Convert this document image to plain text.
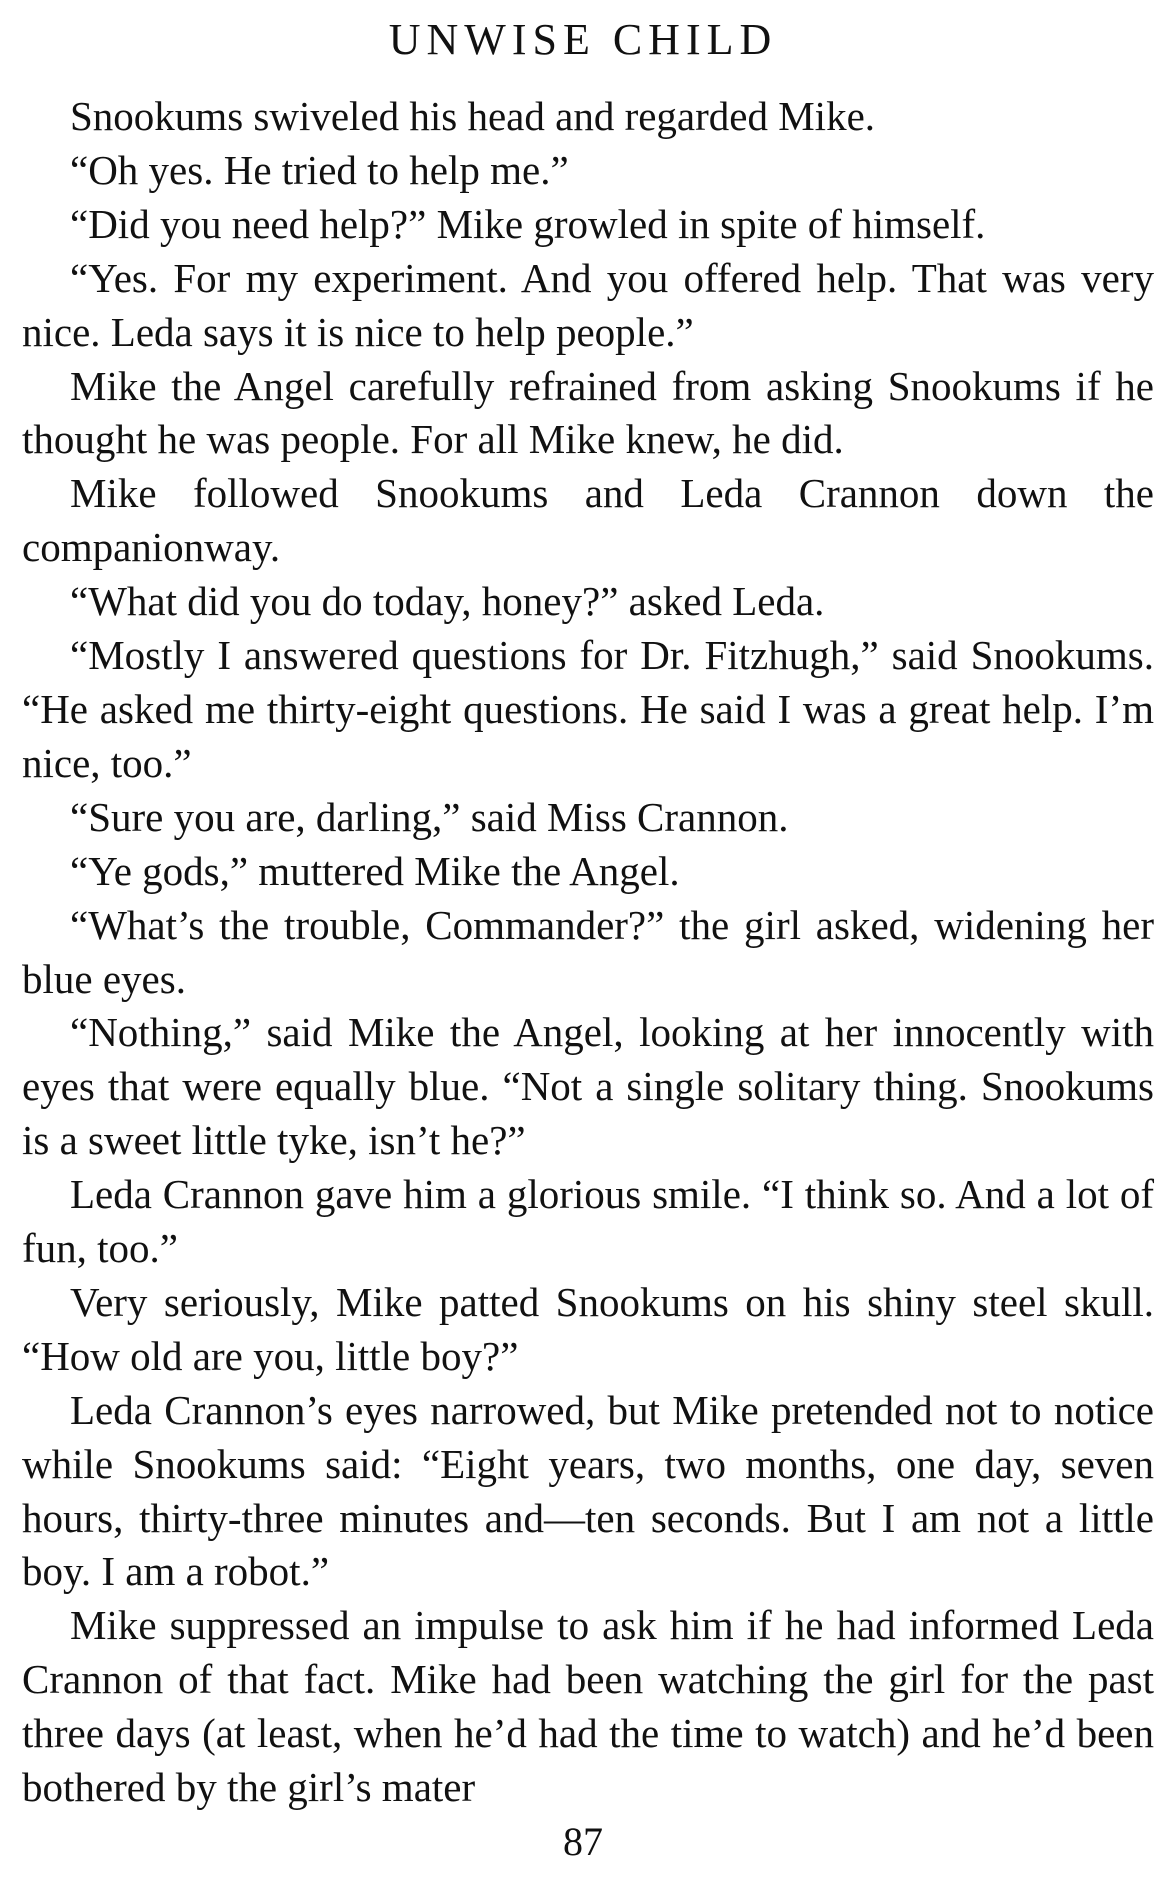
UNWISE CHILD

Snookums swiveled his head and regarded Mike.

“Oh yes. He tried to help me.”

“Did you need help?” Mike growled in spite of himself.

“Yes. For my experiment. And you offered help. That was very nice. Leda says it is nice to help people.”

Mike the Angel carefully refrained from asking Snookums if he thought he was people. For all Mike knew, he did.

Mike followed Snookums and Leda Crannon down the companionway.

“What did you do today, honey?” asked Leda.

“Mostly I answered questions for Dr. Fitzhugh,” said Snookums. “He asked me thirty-eight questions. He said I was a great help. I’m nice, too.”

“Sure you are, darling,” said Miss Crannon.

“Ye gods,” muttered Mike the Angel.

“What’s the trouble, Commander?” the girl asked, widening her blue eyes.

“Nothing,” said Mike the Angel, looking at her innocently with eyes that were equally blue. “Not a single solitary thing. Snookums is a sweet little tyke, isn’t he?”

Leda Crannon gave him a glorious smile. “I think so. And a lot of fun, too.”

Very seriously, Mike patted Snookums on his shiny steel skull. “How old are you, little boy?”

Leda Crannon’s eyes narrowed, but Mike pretended not to notice while Snookums said: “Eight years, two months, one day, seven hours, thirty-three minutes and—ten seconds. But I am not a little boy. I am a robot.”

Mike suppressed an impulse to ask him if he had informed Leda Crannon of that fact. Mike had been watching the girl for the past three days (at least, when he’d had the time to watch) and he’d been bothered by the girl’s mater

87
